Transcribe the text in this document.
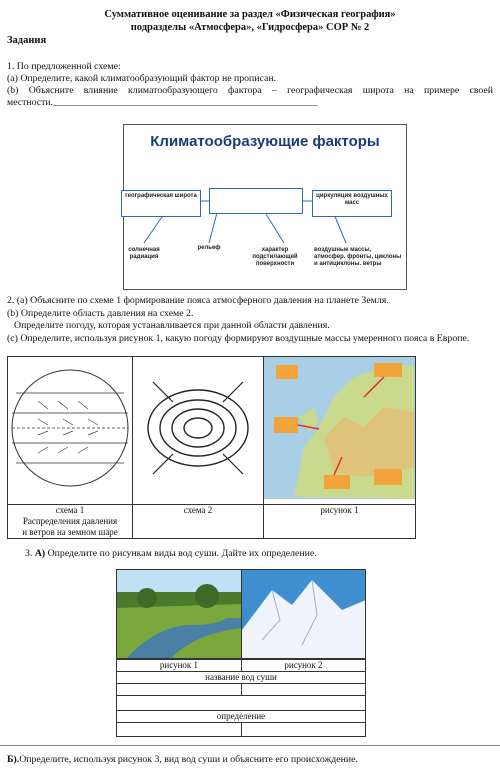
Суммативное оценивание за раздел «Физическая география»
подразделы «Атмосфера», «Гидросфера» СОР № 2
Задания
1. По предложенной схеме:
(a) Определите, какой климатообразующий фактор не прописан.
(b) Объясните влияние климатообразующего фактора – географическая широта на примере своей местности.______________________________________________________
Климатообразующие факторы
географическая широта	циркуляция воздушных масс
солнечная радиация
рельеф	характер подстилающей поверхности
воздушные массы, атмосфер. фронты, циклоны и антициклоны. ветры
2. (a) Объясните по схеме 1 формирование пояса атмосферного давления на планете Земля.
(b) Определите область давления на схеме 2.
Определите погоду, которая устанавливается при данной области давления.
(c) Определите, используя рисунок 1, какую погоду формируют воздушные массы умеренного пояса в Европе.

схема 1
Распределения давления
и ветров на земном шаре	схема 2	рисунок 1
3. А) Определите по рисункам виды вод суши. Дайте их определение.
рисунок 1	рисунок 2
название вод суши	

определение	

Б).Определите, используя рисунок 3, вид вод суши и объясните его происхождение.
